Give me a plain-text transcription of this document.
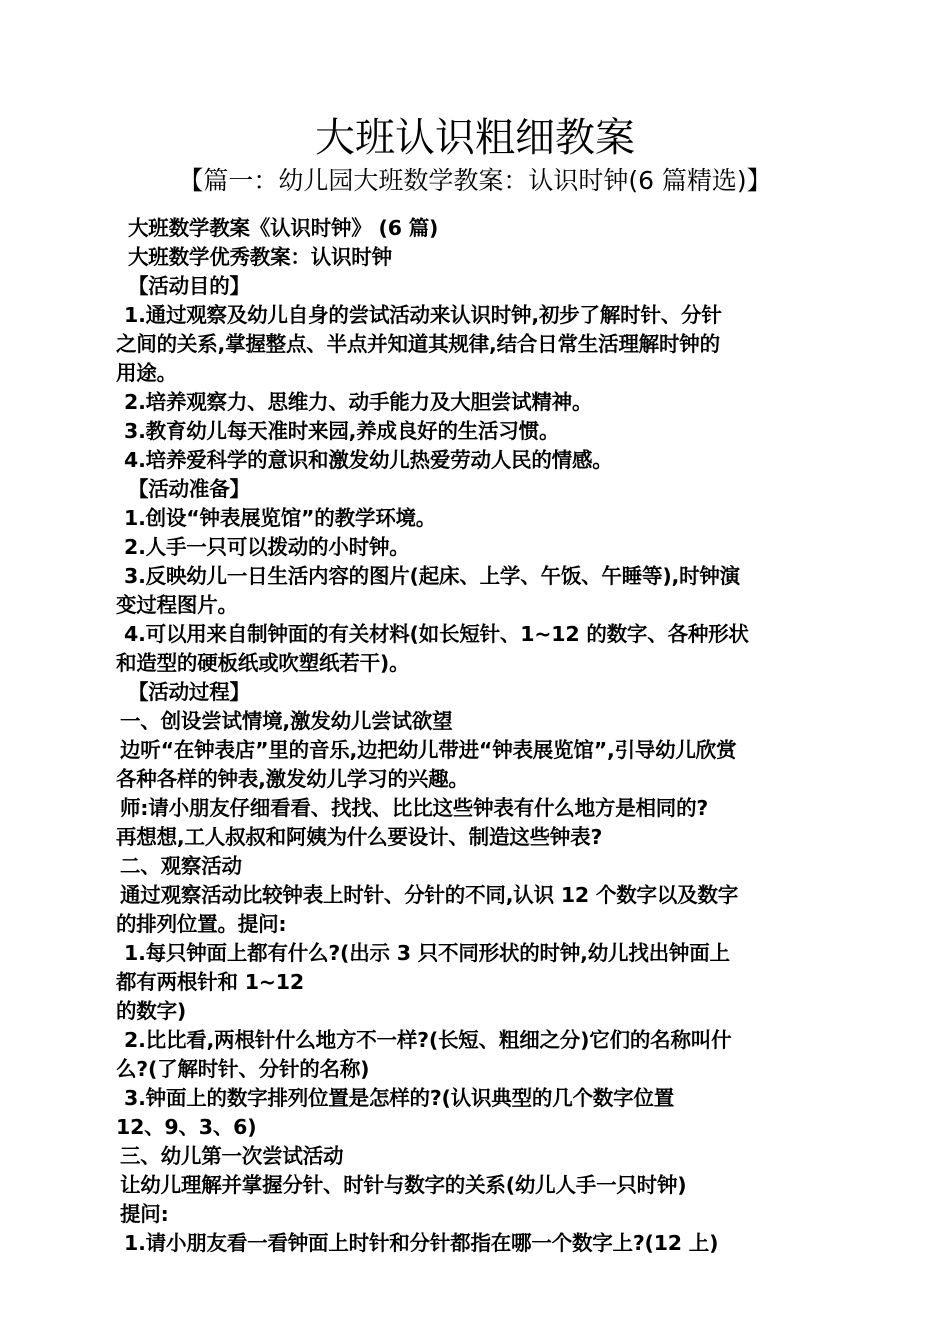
大班认识粗细教案
【篇一：幼儿园大班数学教案：认识时钟(6 篇精选)】
大班数学教案《认识时钟》 (6 篇)
大班数学优秀教案：认识时钟
【活动目的】
1.通过观察及幼儿自身的尝试活动来认识时钟,初步了解时针、分针
之间的关系,掌握整点、半点并知道其规律,结合日常生活理解时钟的
用途。
2.培养观察力、思维力、动手能力及大胆尝试精神。
3.教育幼儿每天准时来园,养成良好的生活习惯。
4.培养爱科学的意识和激发幼儿热爱劳动人民的情感。
【活动准备】
1.创设“钟表展览馆”的教学环境。
2.人手一只可以拨动的小时钟。
3.反映幼儿一日生活内容的图片(起床、上学、午饭、午睡等),时钟演
变过程图片。
4.可以用来自制钟面的有关材料(如长短针、1~12 的数字、各种形状
和造型的硬板纸或吹塑纸若干)。
【活动过程】
一、创设尝试情境,激发幼儿尝试欲望
边听“在钟表店”里的音乐,边把幼儿带进“钟表展览馆”,引导幼儿欣赏
各种各样的钟表,激发幼儿学习的兴趣。
师:请小朋友仔细看看、找找、比比这些钟表有什么地方是相同的?
再想想,工人叔叔和阿姨为什么要设计、制造这些钟表?
二、观察活动
通过观察活动比较钟表上时针、分针的不同,认识 12 个数字以及数字
的排列位置。提问:
1.每只钟面上都有什么?(出示 3 只不同形状的时钟,幼儿找出钟面上
都有两根针和 1~12
的数字)
2.比比看,两根针什么地方不一样?(长短、粗细之分)它们的名称叫什
么?(了解时针、分针的名称)
3.钟面上的数字排列位置是怎样的?(认识典型的几个数字位置
12、9、3、6)
三、幼儿第一次尝试活动
让幼儿理解并掌握分针、时针与数字的关系(幼儿人手一只时钟)
提问:
1.请小朋友看一看钟面上时针和分针都指在哪一个数字上?(12 上)
